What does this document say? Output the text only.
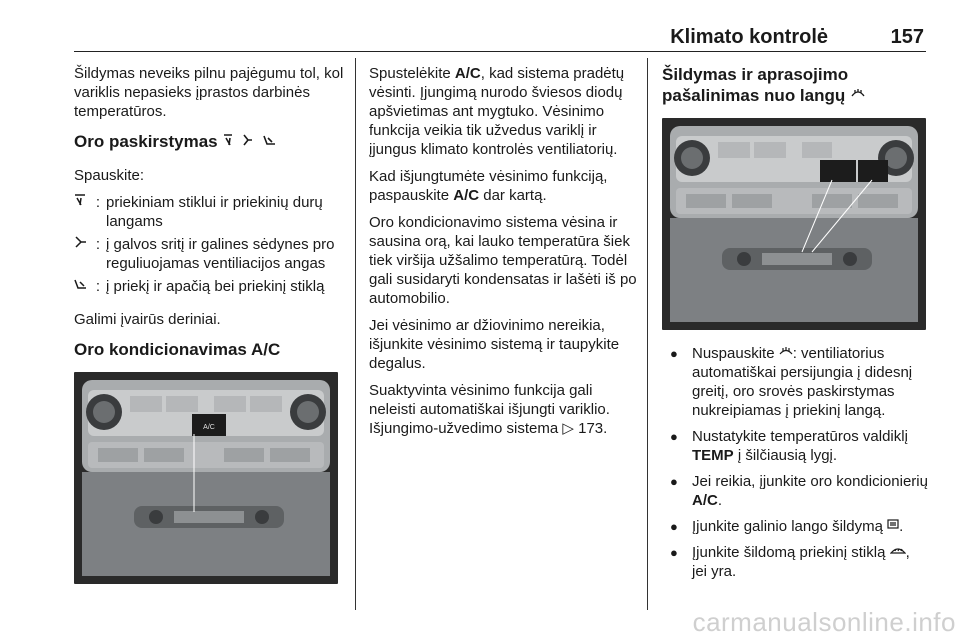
Klimato kontrolė	157

Šildymas neveiks pilnu pajėgumu tol, kol variklis nepasieks įprastos darbinės temperatūros.

Oro paskirstymas

Spauskite:

: priekiniam stiklui ir priekinių durų langams
: į galvos sritį ir galines sėdynes pro reguliuojamas ventiliacijos angas
: į priekį ir apačią bei priekinį stiklą

Galimi įvairūs deriniai.

Oro kondicionavimas A/C
A/C

Spustelėkite A/C, kad sistema pradėtų vėsinti. Įjungimą nurodo šviesos diodų apšvietimas ant mygtuko. Vėsinimo funkcija veikia tik užvedus variklį ir įjungus klimato kontrolės ventiliatorių.

Kad išjungtumėte vėsinimo funkciją, paspauskite A/C dar kartą.

Oro kondicionavimo sistema vėsina ir sausina orą, kai lauko temperatūra šiek tiek viršija užšalimo temperatūrą. Todėl gali susidaryti kondensatas ir lašėti iš po automobilio.

Jei vėsinimo ar džiovinimo nereikia, išjunkite vėsinimo sistemą ir taupykite degalus.

Suaktyvinta vėsinimo funkcija gali neleisti automatiškai išjungti variklio. Išjungimo-užvedimo sistema ▷ 173.

Šildymas ir aprasojimo pašalinimas nuo langų
● Nuspauskite : ventiliatorius automatiškai persijungia į didesnį greitį, oro srovės paskirstymas nukreipiamas į priekinį langą.
● Nustatykite temperatūros valdiklį TEMP į šilčiausią lygį.
● Jei reikia, įjunkite oro kondicionierių A/C.
● Įjunkite galinio lango šildymą .
● Įjunkite šildomą priekinį stiklą , jei yra.
carmanualsonline.info
